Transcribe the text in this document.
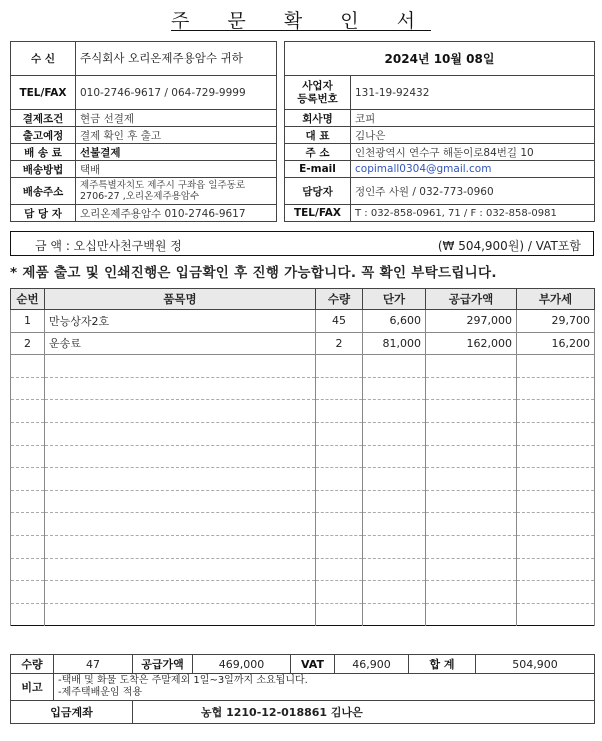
주 문 확 인 서
수 신	주식회사 오리온제주용암수 귀하
TEL/FAX	010-2746-9617 / 064-729-9999
결제조건	현금 선결제
출고예정	결제 확인 후 출고
배 송 료	선불결제
배송방법	택배
배송주소	제주특별자치도 제주시 구좌읍 일주동로 2706-27 ,오리온제주용암수
담 당 자	오리온제주용암수 010-2746-9617
2024년 10월 08일	
사업자
등록번호	131-19-92432
회사명	코피
대 표	김나은
주 소	인천광역시 연수구 해돋이로84번길 10
E-mail	copimall0304@gmail.com
담당자	정인주 사원 / 032-773-0960
TEL/FAX	T : 032-858-0961, 71 / F : 032-858-0981
금 액 : 오십만사천구백원 정	(₩ 504,900원) / VAT포함
* 제품 출고 및 인쇄진행은 입금확인 후 진행 가능합니다. 꼭 확인 부탁드립니다.
순번	품목명	수량	단가	공급가액	부가세
1	만능상자2호	45	6,600	297,000	29,700
2	운송료	2	81,000	162,000	16,200

수량	47	공급가액	469,000	VAT	46,900	합 계	504,900
비고	-택배 및 화물 도착은 주말제외 1일~3일까지 소요됩니다.
-제주택배운임 적용						

입금계좌		농협 1210-12-018861 김나은					
